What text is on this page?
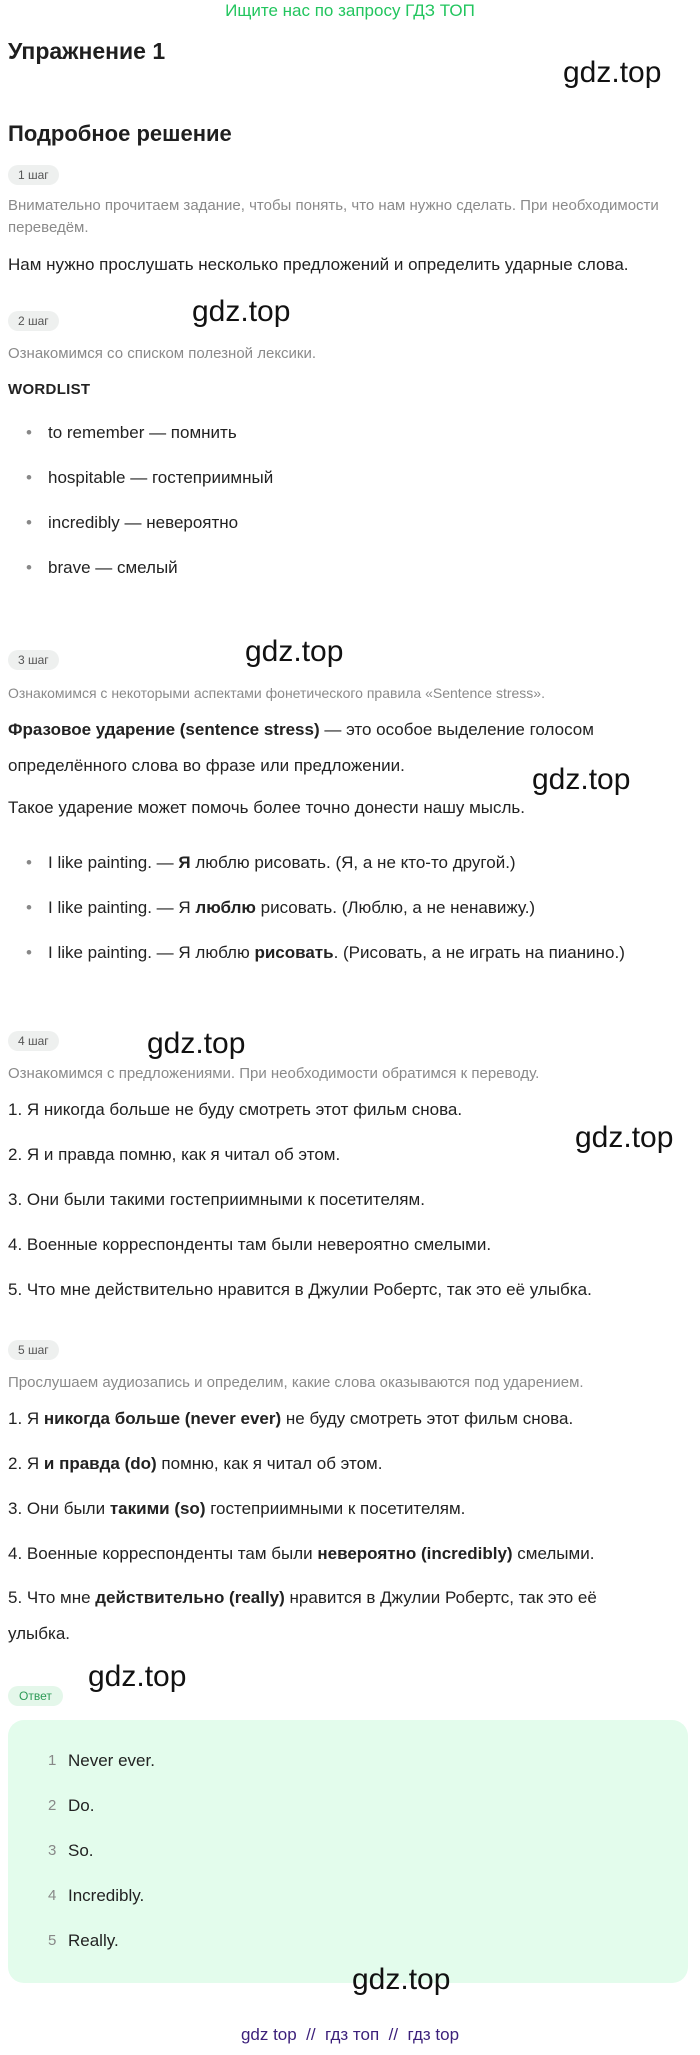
Ищите нас по запросу ГДЗ ТОП
Упражнение 1
Подробное решение
1 шаг

Внимательно прочитаем задание, чтобы понять, что нам нужно сделать. При необходимости переведём.

Нам нужно прослушать несколько предложений и определить ударные слова.

2 шаг

Ознакомимся со списком полезной лексики.

WORDLIST

• to remember — помнить
• hospitable — гостеприимный
• incredibly — невероятно
• brave — смелый
3 шаг

Ознакомимся с некоторыми аспектами фонетического правила «Sentence stress».

Фразовое ударение (sentence stress) — это особое выделение голосом определённого слова во фразе или предложении.

Такое ударение может помочь более точно донести нашу мысль.

• I like painting. — Я люблю рисовать. (Я, а не кто-то другой.)
• I like painting. — Я люблю рисовать. (Люблю, а не ненавижу.)
• I like painting. — Я люблю рисовать. (Рисовать, а не играть на пианино.)
4 шаг

Ознакомимся с предложениями. При необходимости обратимся к переводу.

1. Я никогда больше не буду смотреть этот фильм снова.
2. Я и правда помню, как я читал об этом.
3. Они были такими гостеприимными к посетителям.
4. Военные корреспонденты там были невероятно смелыми.
5. Что мне действительно нравится в Джулии Робертс, так это её улыбка.
5 шаг

Прослушаем аудиозапись и определим, какие слова оказываются под ударением.

1. Я никогда больше (never ever) не буду смотреть этот фильм снова.
2. Я и правда (do) помню, как я читал об этом.
3. Они были такими (so) гостеприимными к посетителям.
4. Военные корреспонденты там были невероятно (incredibly) смелыми.
5. Что мне действительно (really) нравится в Джулии Робертс, так это её улыбка.
Ответ
1 Never ever.
2 Do.
3 So.
4 Incredibly.
5 Really.
gdz.top
gdz.top
gdz.top
gdz.top
gdz.top
gdz.top
gdz.top
gdz.top
gdz top  //  гдз топ  //  гдз top
